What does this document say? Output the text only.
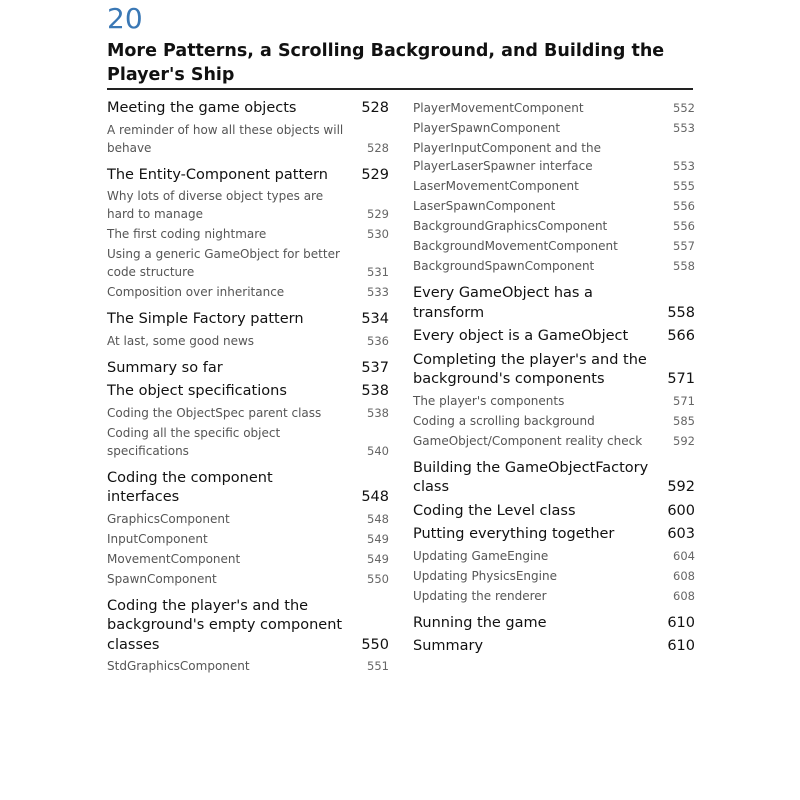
20
More Patterns, a Scrolling Background, and Building the Player's Ship
Meeting the game objects	528
A reminder of how all these objects will behave	528
The Entity-Component pattern	529
Why lots of diverse object types are hard to manage	529
The first coding nightmare	530
Using a generic GameObject for better code structure	531
Composition over inheritance	533
The Simple Factory pattern	534
At last, some good news	536
Summary so far	537
The object specifications	538
Coding the ObjectSpec parent class	538
Coding all the specific object specifications	540
Coding the component interfaces	548
GraphicsComponent	548
InputComponent	549
MovementComponent	549
SpawnComponent	550
Coding the player's and the background's empty component classes	550
StdGraphicsComponent	551
PlayerMovementComponent	552
PlayerSpawnComponent	553
PlayerInputComponent and the PlayerLaserSpawner interface	553
LaserMovementComponent	555
LaserSpawnComponent	556
BackgroundGraphicsComponent	556
BackgroundMovementComponent	557
BackgroundSpawnComponent	558
Every GameObject has a transform	558
Every object is a GameObject	566
Completing the player's and the background's components	571
The player's components	571
Coding a scrolling background	585
GameObject/Component reality check	592
Building the GameObjectFactory class	592
Coding the Level class	600
Putting everything together	603
Updating GameEngine	604
Updating PhysicsEngine	608
Updating the renderer	608
Running the game	610
Summary	610
